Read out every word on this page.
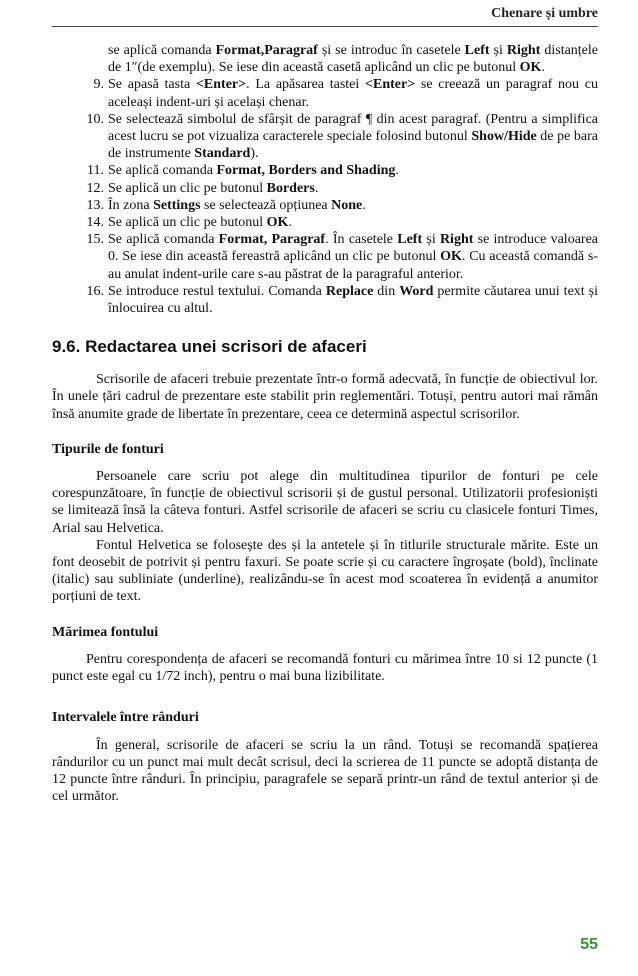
Chenare și umbre

se aplică comanda Format,Paragraf și se introduc în casetele Left și Right distanțele de 1″(de exemplu). Se iese din această casetă aplicând un clic pe butonul OK.

9. Se apasă tasta <Enter>. La apăsarea tastei <Enter> se creează un paragraf nou cu aceleași indent-uri și același chenar.
10. Se selectează simbolul de sfârșit de paragraf ¶ din acest paragraf. (Pentru a simplifica acest lucru se pot vizualiza caracterele speciale folosind butonul Show/Hide de pe bara de instrumente Standard).
11. Se aplică comanda Format, Borders and Shading.
12. Se aplică un clic pe butonul Borders.
13. În zona Settings se selectează opțiunea None.
14. Se aplică un clic pe butonul OK.
15. Se aplică comanda Format, Paragraf. În casetele Left și Right se introduce valoarea 0. Se iese din această fereastră aplicând un clic pe butonul OK. Cu această comandă s-au anulat indent-urile care s-au păstrat de la paragraful anterior.
16. Se introduce restul textului. Comanda Replace din Word permite căutarea unui text și înlocuirea cu altul.
9.6. Redactarea unei scrisori de afaceri

Scrisorile de afaceri trebuie prezentate într-o formă adecvată, în funcție de obiectivul lor. În unele țări cadrul de prezentare este stabilit prin reglementări. Totuși, pentru autori mai rămân însă anumite grade de libertate în prezentare, ceea ce determină aspectul scrisorilor.

Tipurile de fonturi

Persoanele care scriu pot alege din multitudinea tipurilor de fonturi pe cele corespunzătoare, în funcție de obiectivul scrisorii și de gustul personal. Utilizatorii profesioniști se limitează însă la câteva fonturi. Astfel scrisorile de afaceri se scriu cu clasicele fonturi Times, Arial sau Helvetica.

Fontul Helvetica se folosește des și la antetele și în titlurile structurale mărite. Este un font deosebit de potrivit și pentru faxuri. Se poate scrie și cu caractere îngroșate (bold), înclinate (italic) sau subliniate (underline), realizându-se în acest mod scoaterea în evidență a anumitor porțiuni de text.

Mărimea fontului

Pentru corespondența de afaceri se recomandă fonturi cu mărimea între 10 si 12 puncte (1 punct este egal cu 1/72 inch), pentru o mai buna lizibilitate.

Intervalele între rânduri

În general, scrisorile de afaceri se scriu la un rând. Totuși se recomandă spațierea rândurilor cu un punct mai mult decât scrisul, deci la scrierea de 11 puncte se adoptă distanța de 12 puncte între rânduri. În principiu, paragrafele se separă printr-un rând de textul anterior și de cel următor.

55
